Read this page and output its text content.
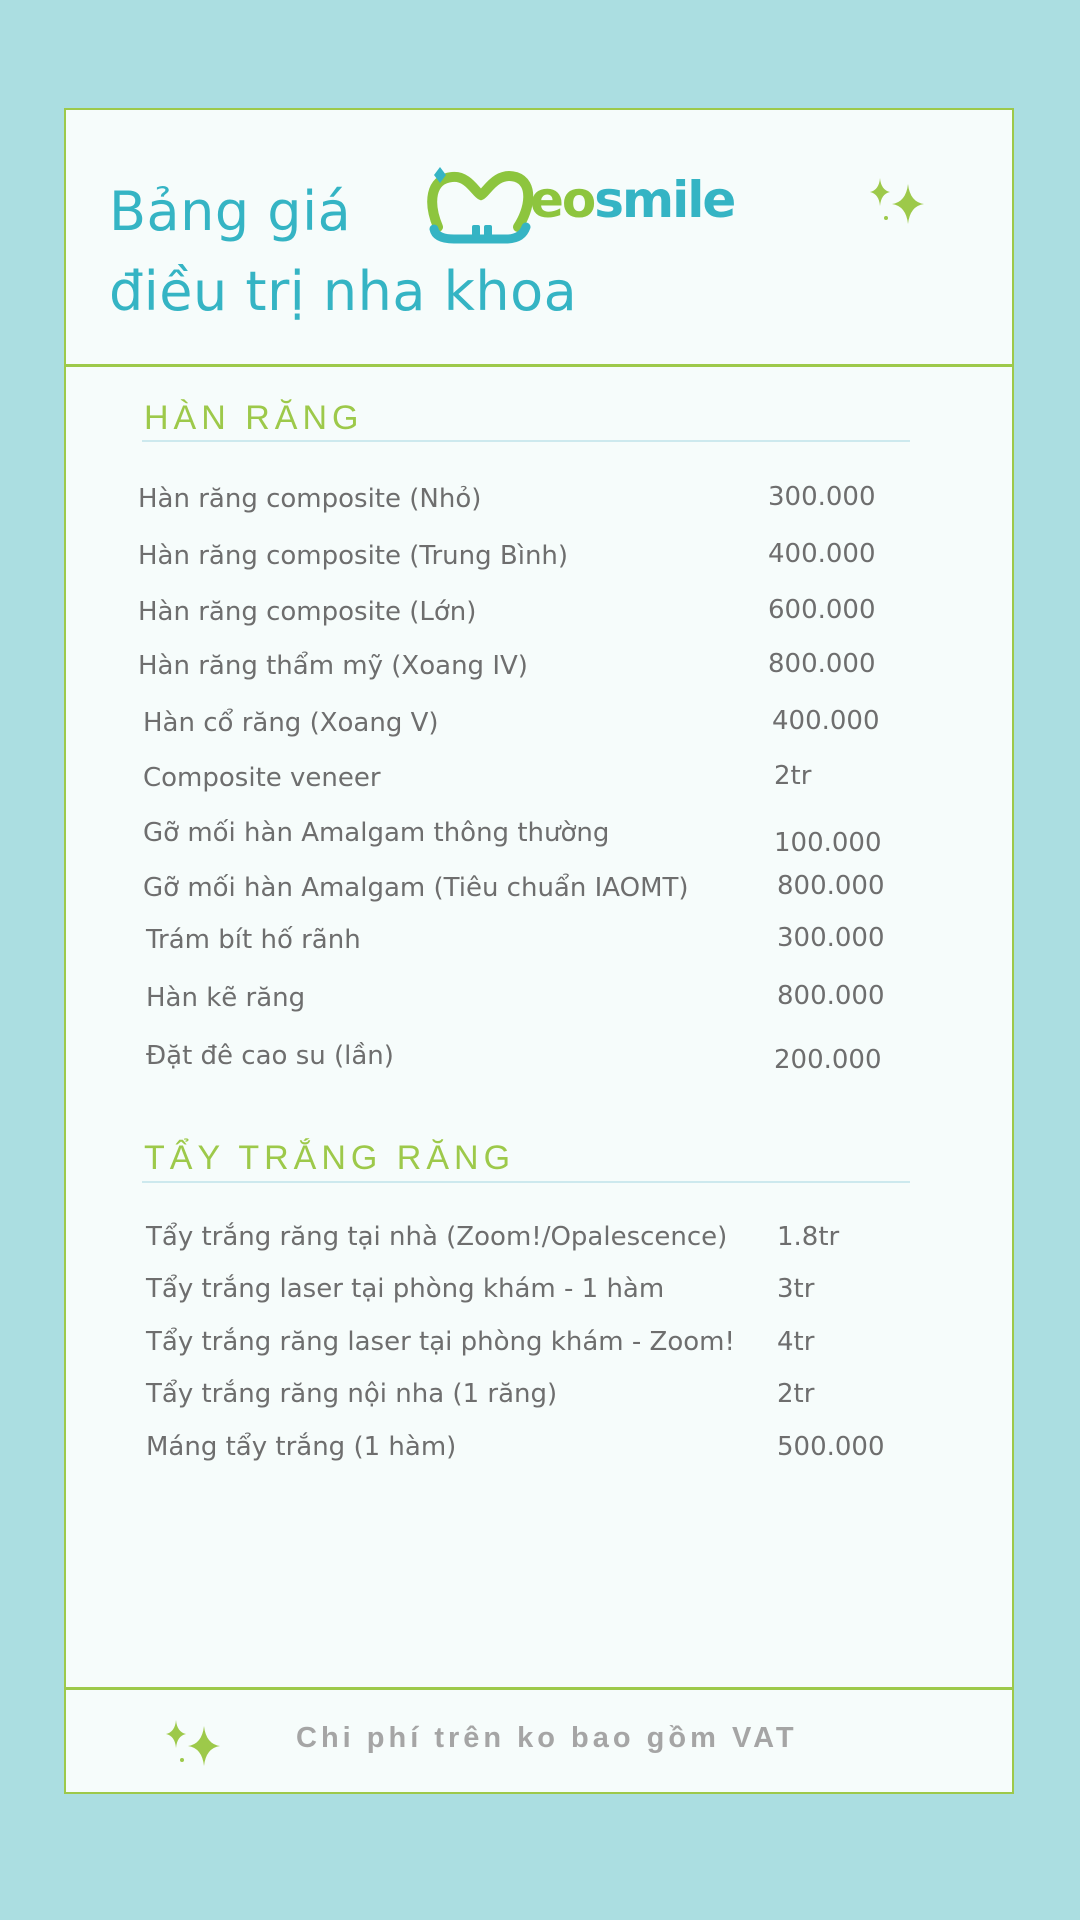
Bảng giá
điều trị nha khoa
eosmile
HÀN RĂNG
Hàn răng composite (Nhỏ)	300.000
Hàn răng composite (Trung Bình)	400.000
Hàn răng composite (Lớn)	600.000
Hàn răng thẩm mỹ (Xoang IV)	800.000
Hàn cổ răng (Xoang V)	400.000
Composite veneer	2tr
Gỡ mối hàn Amalgam thông thường	100.000
Gỡ mối hàn Amalgam (Tiêu chuẩn IAOMT)	800.000
Trám bít hố rãnh	300.000
Hàn kẽ răng	800.000
Đặt đê cao su (lần)	200.000
TẨY TRẮNG RĂNG
Tẩy trắng răng tại nhà (Zoom!/Opalescence) 1.8tr
Tẩy trắng laser tại phòng khám - 1 hàm	3tr
Tẩy trắng răng laser tại phòng khám - Zoom! 4tr
Tẩy trắng răng nội nha (1 răng)	2tr
Máng tẩy trắng (1 hàm)	500.000
Chi phí trên ko bao gồm VAT
